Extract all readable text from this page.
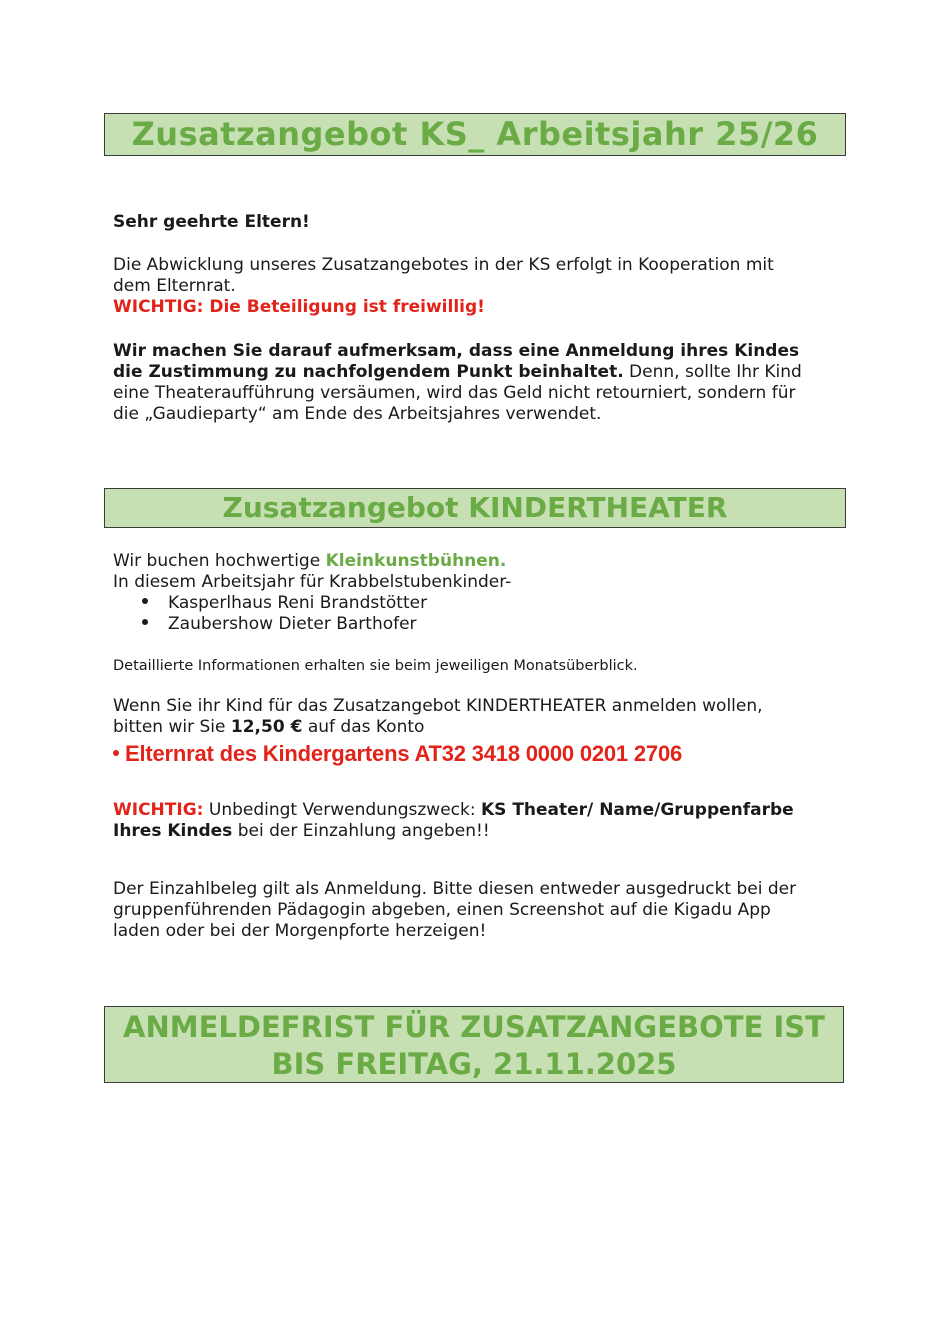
Zusatzangebot KS_ Arbeitsjahr 25/26
Sehr geehrte Eltern!
Die Abwicklung unseres Zusatzangebotes in der KS erfolgt in Kooperation mit
dem Elternrat.
WICHTIG: Die Beteiligung ist freiwillig!
Wir machen Sie darauf aufmerksam, dass eine Anmeldung ihres Kindes
die Zustimmung zu nachfolgendem Punkt beinhaltet. Denn, sollte Ihr Kind
eine Theateraufführung versäumen, wird das Geld nicht retourniert, sondern für
die „Gaudieparty“ am Ende des Arbeitsjahres verwendet.
Zusatzangebot KINDERTHEATER
Wir buchen hochwertige Kleinkunstbühnen.
In diesem Arbeitsjahr für Krabbelstubenkinder-
Kasperlhaus Reni Brandstötter
Zaubershow Dieter Barthofer
Detaillierte Informationen erhalten sie beim jeweiligen Monatsüberblick.
Wenn Sie ihr Kind für das Zusatzangebot KINDERTHEATER anmelden wollen,
bitten wir Sie 12,50 € auf das Konto
Elternrat des Kindergartens AT32 3418 0000 0201 2706
WICHTIG: Unbedingt Verwendungszweck: KS Theater/ Name/Gruppenfarbe
Ihres Kindes bei der Einzahlung angeben!!
Der Einzahlbeleg gilt als Anmeldung. Bitte diesen entweder ausgedruckt bei der
gruppenführenden Pädagogin abgeben, einen Screenshot auf die Kigadu App
laden oder bei der Morgenpforte herzeigen!
ANMELDEFRIST FÜR ZUSATZANGEBOTE IST
BIS FREITAG, 21.11.2025
